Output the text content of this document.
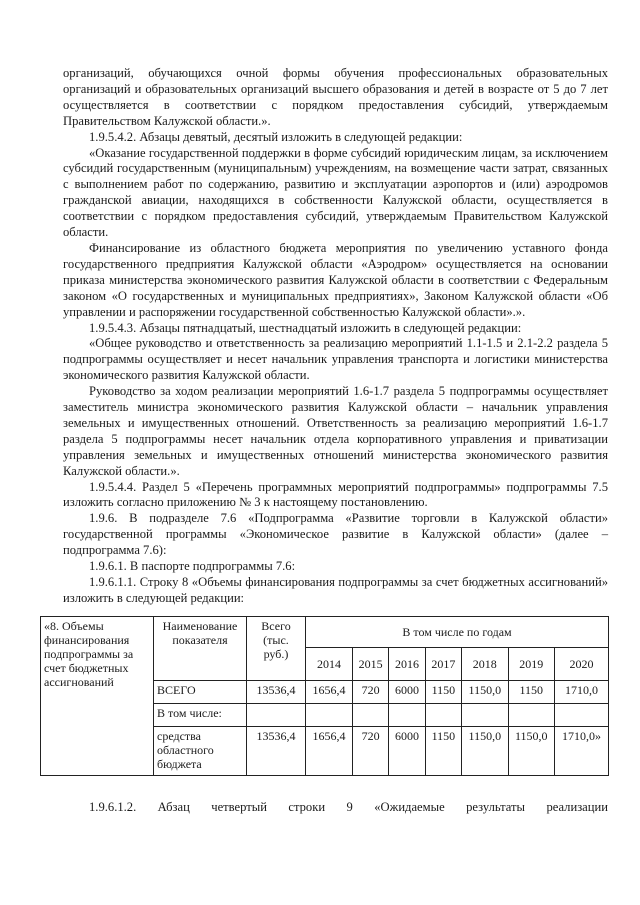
организаций, обучающихся очной формы обучения профессиональных образовательных организаций и образовательных организаций высшего образования и детей в возрасте от 5 до 7 лет осуществляется в соответствии с порядком предоставления субсидий, утверждаемым Правительством Калужской области.».

1.9.5.4.2. Абзацы девятый, десятый изложить в следующей редакции:

«Оказание государственной поддержки в форме субсидий юридическим лицам, за исключением субсидий государственным (муниципальным) учреждениям, на возмещение части затрат, связанных с выполнением работ по содержанию, развитию и эксплуатации аэропортов и (или) аэродромов гражданской авиации, находящихся в собственности Калужской области, осуществляется в соответствии с порядком предоставления субсидий, утверждаемым Правительством Калужской области.

Финансирование из областного бюджета мероприятия по увеличению уставного фонда государственного предприятия Калужской области «Аэродром» осуществляется на основании приказа министерства экономического развития Калужской области в соответствии с Федеральным законом «О государственных и муниципальных предприятиях», Законом Калужской области «Об управлении и распоряжении государственной собственностью Калужской области».».

1.9.5.4.3. Абзацы пятнадцатый, шестнадцатый изложить в следующей редакции:

«Общее руководство и ответственность за реализацию мероприятий 1.1-1.5 и 2.1-2.2 раздела 5 подпрограммы осуществляет и несет начальник управления транспорта и логистики министерства экономического развития Калужской области.

Руководство за ходом реализации мероприятий 1.6-1.7 раздела 5 подпрограммы осуществляет заместитель министра экономического развития Калужской области – начальник управления земельных и имущественных отношений. Ответственность за реализацию мероприятий 1.6-1.7 раздела 5 подпрограммы несет начальник отдела корпоративного управления и приватизации управления земельных и имущественных отношений министерства экономического развития Калужской области.».

1.9.5.4.4. Раздел 5 «Перечень программных мероприятий подпрограммы» подпрограммы 7.5 изложить согласно приложению № 3 к настоящему постановлению.

1.9.6. В подразделе 7.6 «Подпрограмма «Развитие торговли в Калужской области» государственной программы «Экономическое развитие в Калужской области» (далее – подпрограмма 7.6):

1.9.6.1. В паспорте подпрограммы 7.6:

1.9.6.1.1. Строку 8 «Объемы финансирования подпрограммы за счет бюджетных ассигнований» изложить в следующей редакции:

«8. Объемы финансирования подпрограммы за счет бюджетных ассигнований	Наименование показателя	Всего (тыс. руб.)	В том числе по годам						
			2014	2015	2016	2017	2018	2019	2020
	ВСЕГО	13536,4	1656,4	720	6000	1150	1150,0	1150	1710,0
	В том числе:								
	средства областного бюджета	13536,4	1656,4	720	6000	1150	1150,0	1150,0	1710,0»

1.9.6.1.2. Абзац четвертый строки 9 «Ожидаемые результаты реализации
